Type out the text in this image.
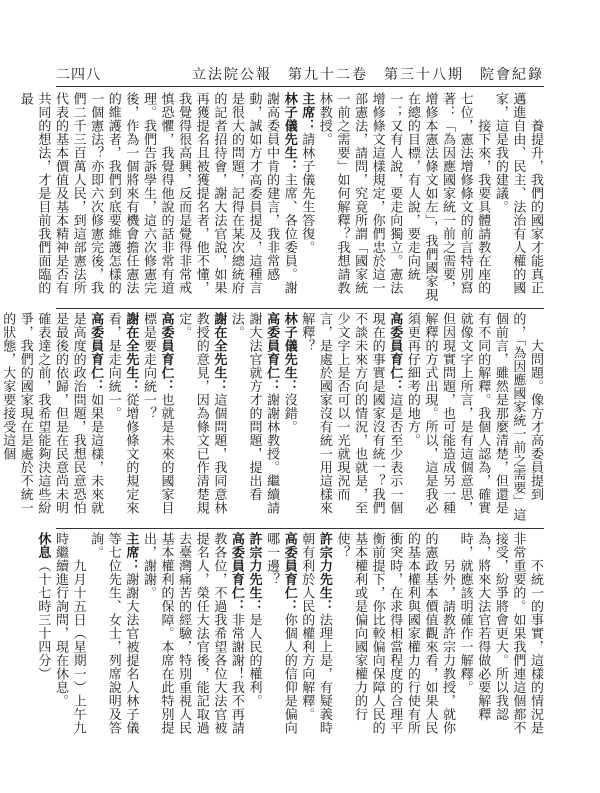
二四八	立法院公報　第九十二卷　第三十八期　院會紀錄

　　養提升，我們的國家才能真正邁進自由、民主、法治有人權的國家，這是我的建議。

　　接下來，我要具體請教在座的七位，憲法增修條文的前言特別寫著：「為因應國家統一前之需要，增修本憲法條文如左」，我們國家現在總的目標，有人說，要走向統一；又有人說，要走向獨立。憲法增修條文這樣規定，你們忠於這一部憲法，請問，究竟所謂「國家統一前之需要」如何解釋？我想請教林教授。

主席：請林子儀先生答復。

林子儀先生：主席、各位委員。謝謝高委員中肯的建言，我非常感動，誠如方才高委員提及，這種言是很大的問題，記得在某次總統府的記者招待會，謝大法官說，如果再獲提名且被獲提名者，他不懂，我覺得很高興，反而是覺得非常戒慎恐懼，我覺得他說的話非常有道理。我們告訴學生，這六次修憲完後，作為一個將來有機會擔任憲法的維護者，我們到底要維護怎樣的一個憲法？亦即六次修憲完後，我們二千三百萬人民，到這部憲法所代表的基本價值及基本精神是否有共同的想法，才是目前我們面臨的最

　　大問題。像方才高委員提到的，「為因應國家統一前之需要」這個前言，雖然是那麼清楚，但還是有不同的解釋。我個人認為，確實就像文字上所言，是有這個意思，但因現實問題，也可能造成另一種解釋的方式出現。所以，這是我必須更再仔細考的地方。

高委員育仁：這是否至少表示一個現在的事實是國家沒有統一？我們不談未來方向的情況，也就是，至少文字上是否可以一光就現況而言，是處於國家沒有統一用這樣來解釋？

林子儀先生：沒錯。

高委員育仁：謝謝林教授。繼續請謝大法官就方才的問題，提出看法。

謝在全先生：這個問題，我同意林教授的意見，因為條文已作清楚規定。

高委員育仁：也就是未來的國家目標是要走向統一？

謝在全先生：從增修條文的規定來看，是走向統一。

高委員育仁：如果是這樣，未來就是高度的政治問題，我想民意恐怕是最後的依歸，但是在民意尚未明確表達之前，我希望能夠決這些紛爭，我們的國家現在是處於不統一的狀態，大家要接受這個

　　不統一的事實，這樣的情況是非常重要的。如果我們連這個都不接受，紛爭將會更大。所以我認為，將來大法官若得做必要解釋時，就應該明確作一解釋。

　　另外，請教許宗力教授，就你的憲政基本價值觀來看，如果人民的基本權利與國家權力的行使有所衝突時，在求得相當程度的合理平衡前提下，你比較偏向保障人民的基本權利或是偏向國家權力的行使？

許宗力先生：法理上是，有疑義時朝有利於人民的權利方向解釋。

高委員育仁：你個人的信仰是偏向哪一邊？

許宗力先生：是人民的權利。

高委員育仁：非常謝謝！我不再請教各位，不過我希望各位大法官被提名人，榮任大法官後，能記取過去臺灣痛苦的經驗，特別重視人民基本權利的保障。本席在此特別提出，謝謝。

主席：謝謝大法官被提名人林子儀等七位先生、女士，列席說明及答詢。

　　九月十五日（星期一）上午九時繼續進行詢問，現在休息。

休息（十七時三十四分）
